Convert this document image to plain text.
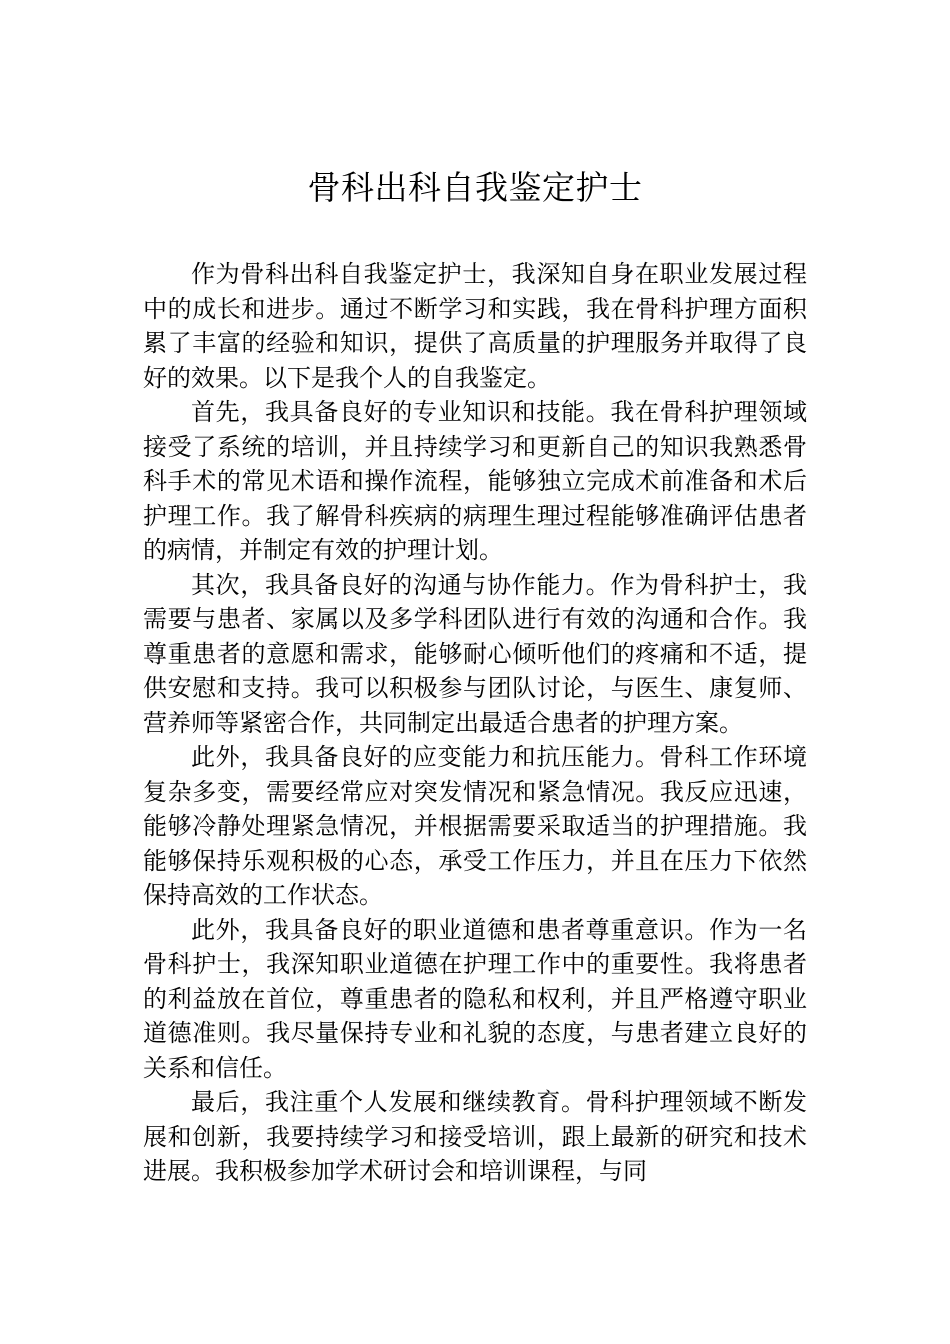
骨科出科自我鉴定护士

作为骨科出科自我鉴定护士，我深知自身在职业发展过程中的成长和进步。通过不断学习和实践，我在骨科护理方面积累了丰富的经验和知识，提供了高质量的护理服务并取得了良好的效果。以下是我个人的自我鉴定。

首先，我具备良好的专业知识和技能。我在骨科护理领域接受了系统的培训，并且持续学习和更新自己的知识我熟悉骨科手术的常见术语和操作流程，能够独立完成术前准备和术后护理工作。我了解骨科疾病的病理生理过程能够准确评估患者的病情，并制定有效的护理计划。

其次，我具备良好的沟通与协作能力。作为骨科护士，我需要与患者、家属以及多学科团队进行有效的沟通和合作。我尊重患者的意愿和需求，能够耐心倾听他们的疼痛和不适，提供安慰和支持。我可以积极参与团队讨论，与医生、康复师、营养师等紧密合作，共同制定出最适合患者的护理方案。

此外，我具备良好的应变能力和抗压能力。骨科工作环境复杂多变，需要经常应对突发情况和紧急情况。我反应迅速，能够冷静处理紧急情况，并根据需要采取适当的护理措施。我能够保持乐观积极的心态，承受工作压力，并且在压力下依然保持高效的工作状态。

此外，我具备良好的职业道德和患者尊重意识。作为一名骨科护士，我深知职业道德在护理工作中的重要性。我将患者的利益放在首位，尊重患者的隐私和权利，并且严格遵守职业道德准则。我尽量保持专业和礼貌的态度，与患者建立良好的关系和信任。

最后，我注重个人发展和继续教育。骨科护理领域不断发展和创新，我要持续学习和接受培训，跟上最新的研究和技术进展。我积极参加学术研讨会和培训课程，与同
